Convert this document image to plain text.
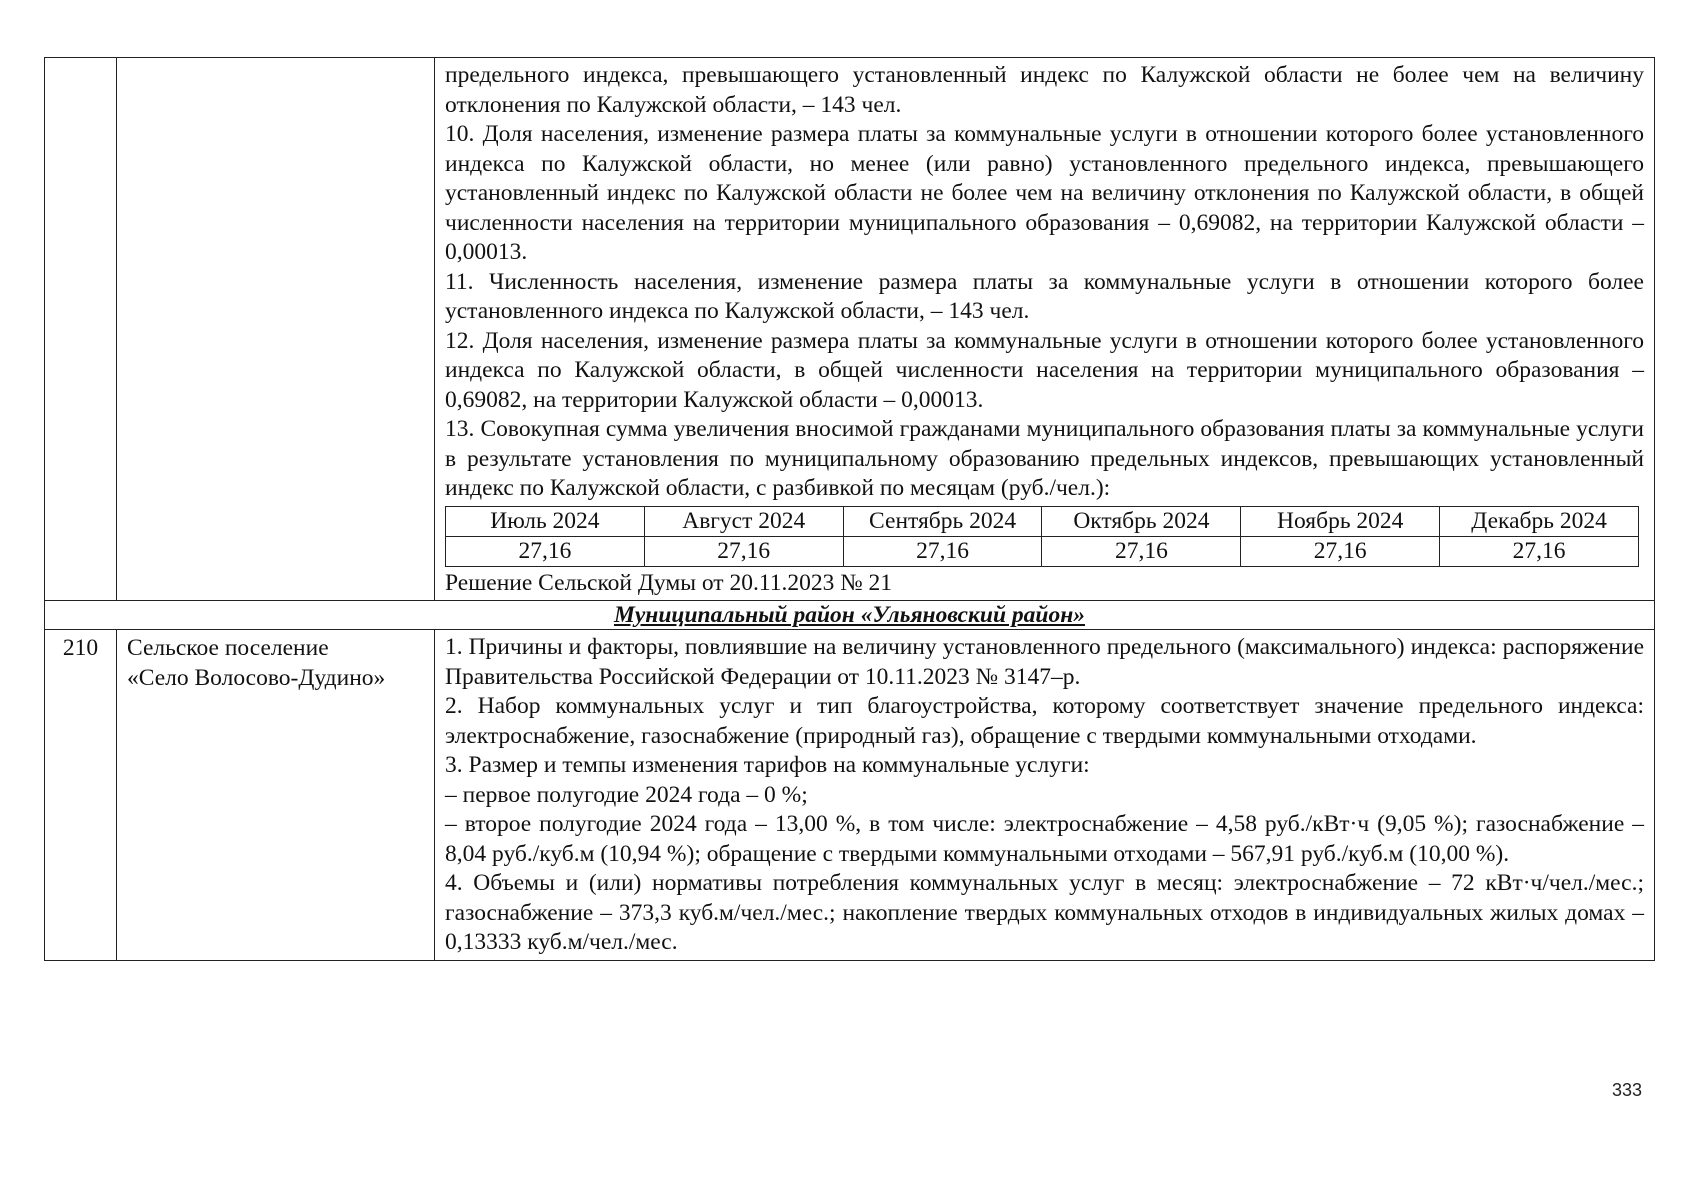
предельного индекса, превышающего установленный индекс по Калужской области не более чем на величину отклонения по Калужской области, – 143 чел.

10. Доля населения, изменение размера платы за коммунальные услуги в отношении которого более установленного индекса по Калужской области, но менее (или равно) установленного предельного индекса, превышающего установленный индекс по Калужской области не более чем на величину отклонения по Калужской области, в общей численности населения на территории муниципального образования – 0,69082, на территории Калужской области – 0,00013.

11. Численность населения, изменение размера платы за коммунальные услуги в отношении которого более установленного индекса по Калужской области, – 143 чел.

12. Доля населения, изменение размера платы за коммунальные услуги в отношении которого более установленного индекса по Калужской области, в общей численности населения на территории муниципального образования – 0,69082, на территории Калужской области – 0,00013.

13. Совокупная сумма увеличения вносимой гражданами муниципального образования платы за коммунальные услуги в результате установления по муниципальному образованию предельных индексов, превышающих установленный индекс по Калужской области, с разбивкой по месяцам (руб./чел.):

Июль 2024	Август 2024	Сентябрь 2024	Октябрь 2024	Ноябрь 2024	Декабрь 2024
27,16	27,16	27,16	27,16	27,16	27,16

Решение Сельской Думы от 20.11.2023 № 21

Муниципальный район «Ульяновский район»

210	Сельское поселение
«Село Волосово-Дудино»

1. Причины и факторы, повлиявшие на величину установленного предельного (максимального) индекса: распоряжение Правительства Российской Федерации от 10.11.2023 № 3147–р.

2. Набор коммунальных услуг и тип благоустройства, которому соответствует значение предельного индекса: электроснабжение, газоснабжение (природный газ), обращение с твердыми коммунальными отходами.

3. Размер и темпы изменения тарифов на коммунальные услуги:

– первое полугодие 2024 года – 0 %;

– второе полугодие 2024 года – 13,00 %, в том числе: электроснабжение – 4,58 руб./кВт·ч (9,05 %); газоснабжение – 8,04 руб./куб.м (10,94 %); обращение с твердыми коммунальными отходами – 567,91 руб./куб.м (10,00 %).

4. Объемы и (или) нормативы потребления коммунальных услуг в месяц: электроснабжение – 72 кВт·ч/чел./мес.; газоснабжение – 373,3 куб.м/чел./мес.; накопление твердых коммунальных отходов в индивидуальных жилых домах – 0,13333 куб.м/чел./мес.

333
